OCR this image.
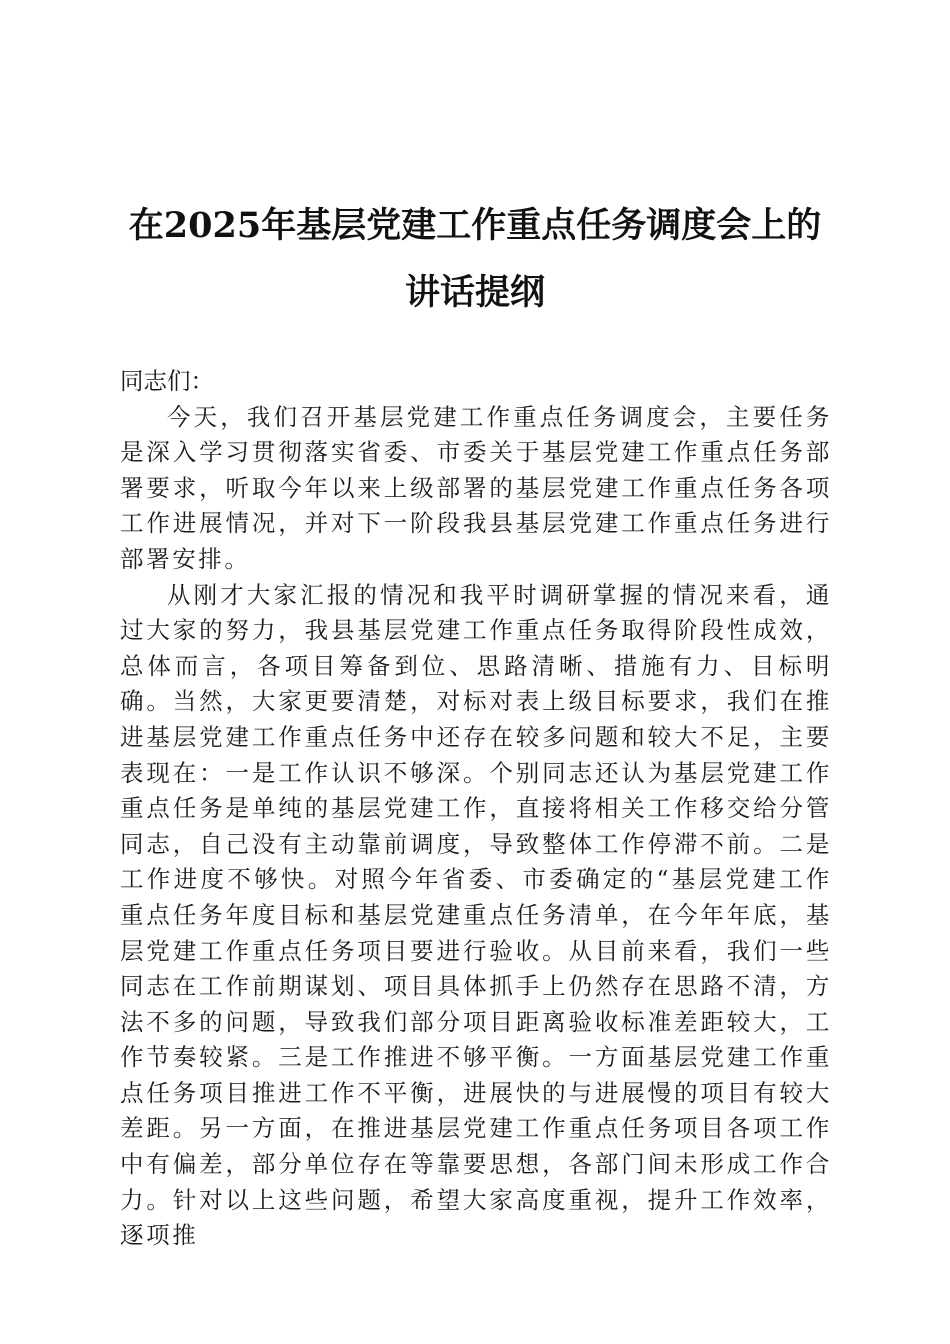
在2025年基层党建工作重点任务调度会上的
讲话提纲

同志们：

今天，我们召开基层党建工作重点任务调度会，主要任务是深入学习贯彻落实省委、市委关于基层党建工作重点任务部署要求，听取今年以来上级部署的基层党建工作重点任务各项工作进展情况，并对下一阶段我县基层党建工作重点任务进行部署安排。

从刚才大家汇报的情况和我平时调研掌握的情况来看，通过大家的努力，我县基层党建工作重点任务取得阶段性成效，总体而言，各项目筹备到位、思路清晰、措施有力、目标明确。当然，大家更要清楚，对标对表上级目标要求，我们在推进基层党建工作重点任务中还存在较多问题和较大不足，主要表现在：一是工作认识不够深。个别同志还认为基层党建工作重点任务是单纯的基层党建工作，直接将相关工作移交给分管同志，自己没有主动靠前调度，导致整体工作停滞不前。二是工作进度不够快。对照今年省委、市委确定的“基层党建工作重点任务年度目标和基层党建重点任务清单，在今年年底，基层党建工作重点任务项目要进行验收。从目前来看，我们一些同志在工作前期谋划、项目具体抓手上仍然存在思路不清，方法不多的问题，导致我们部分项目距离验收标准差距较大，工作节奏较紧。三是工作推进不够平衡。一方面基层党建工作重点任务项目推进工作不平衡，进展快的与进展慢的项目有较大差距。另一方面，在推进基层党建工作重点任务项目各项工作中有偏差，部分单位存在等靠要思想，各部门间未形成工作合力。针对以上这些问题，希望大家高度重视，提升工作效率，逐项推
